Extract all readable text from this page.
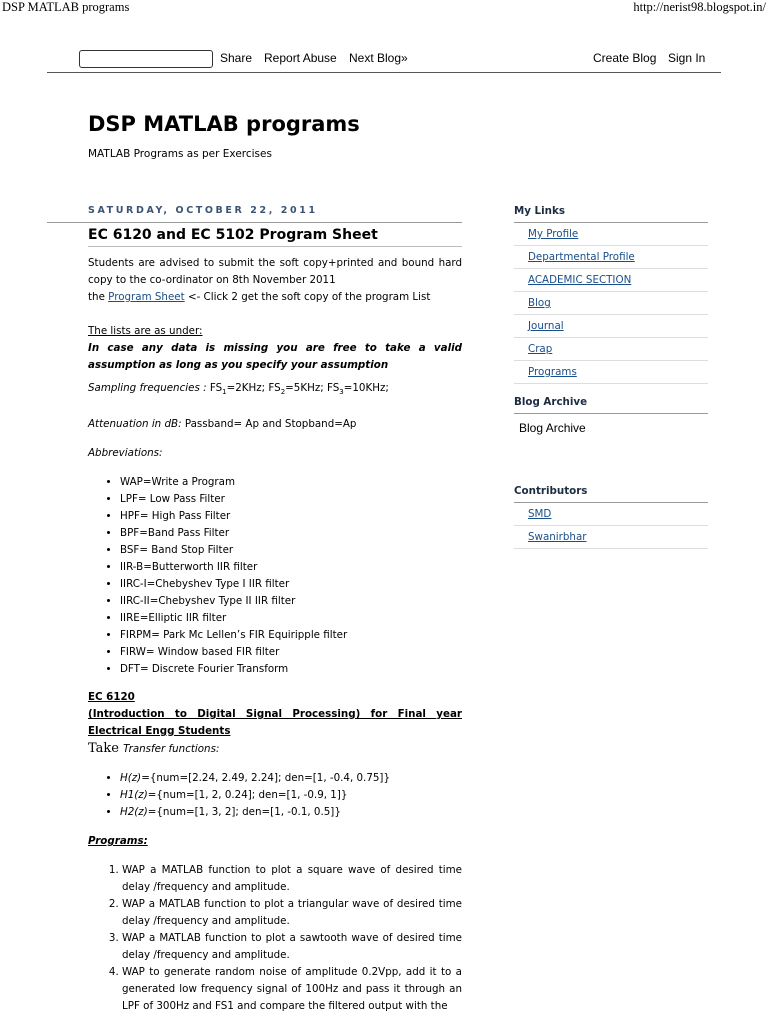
DSP MATLAB programs	http://nerist98.blogspot.in/
Share Report Abuse Next Blog»	Create Blog Sign In
DSP MATLAB programs
MATLAB Programs as per Exercises
SATURDAY, OCTOBER 22, 2011
EC 6120 and EC 5102 Program Sheet

Students are advised to submit the soft copy+printed and bound hard copy to the co-ordinator on 8th November 2011

the Program Sheet <- Click 2 get the soft copy of the program List

The lists are as under:

In case any data is missing you are free to take a valid assumption as long as you specify your assumption

Sampling frequencies : $FS_1=2KHz$; $FS_2=5KHz$; $FS_3=10KHz$;

Attenuation in dB: Passband= Ap and Stopband=Ap

Abbreviations:

• WAP=Write a Program
• LPF= Low Pass Filter
• HPF= High Pass Filter
• BPF=Band Pass Filter
• BSF= Band Stop Filter
• IIR-B=Butterworth IIR filter
• IIRC-I=Chebyshev Type I IIR filter
• IIRC-II=Chebyshev Type II IIR filter
• IIRE=Elliptic IIR filter
• FIRPM= Park Mc Lellen’s FIR Equiripple filter
• FIRW= Window based FIR filter
• DFT= Discrete Fourier Transform

EC 6120

(Introduction to Digital Signal Processing) for Final year Electrical Engg Students

Take Transfer functions:

• H(z)={num=[2.24, 2.49, 2.24]; den=[1, -0.4, 0.75]}
• H1(z)={num=[1, 2, 0.24]; den=[1, -0.9, 1]}
• H2(z)={num=[1, 3, 2]; den=[1, -0.1, 0.5]}

Programs:

1. WAP a MATLAB function to plot a square wave of desired time delay /frequency and amplitude.
2. WAP a MATLAB function to plot a triangular wave of desired time delay /frequency and amplitude.
3. WAP a MATLAB function to plot a sawtooth wave of desired time delay /frequency and amplitude.
4. WAP to generate random noise of amplitude 0.2Vpp, add it to a generated low frequency signal of 100Hz and pass it through an LPF of 300Hz and FS1 and compare the filtered output with the
My Links
My Profile
Departmental Profile
ACADEMIC SECTION
Blog
Journal
Crap
Programs
Blog Archive
Blog Archive
Contributors
SMD
Swanirbhar
